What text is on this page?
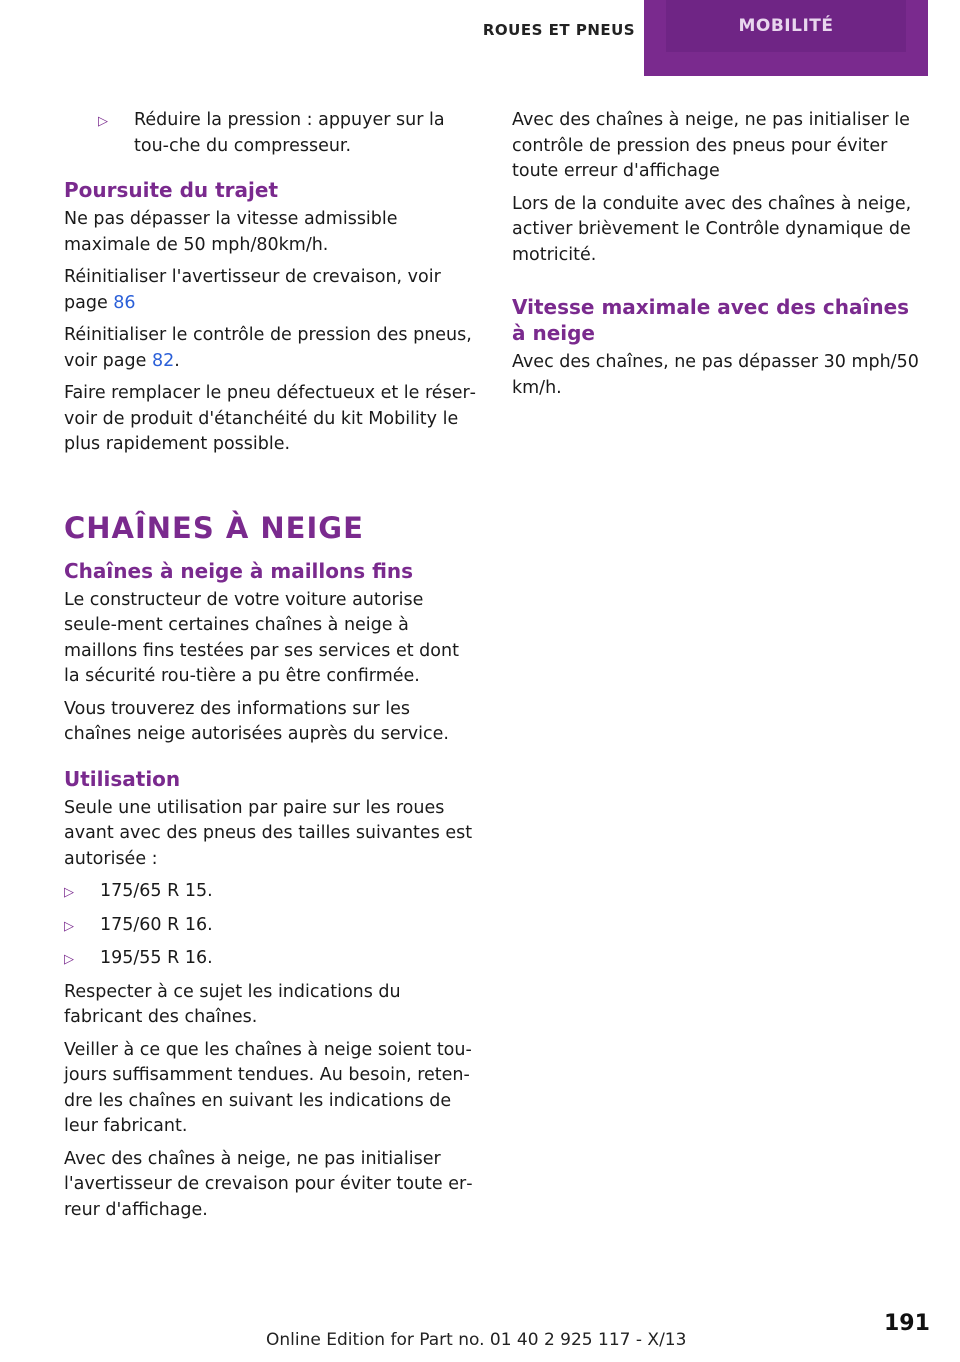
ROUES ET PNEUS	MOBILITÉ
▷	Réduire la pression : appuyer sur la tou‐che du compresseur.
Poursuite du trajet

Ne pas dépasser la vitesse admissible maximale de 50 mph/80km/h.

Réinitialiser l'avertisseur de crevaison, voir page 86

Réinitialiser le contrôle de pression des pneus, voir page 82.

Faire remplacer le pneu défectueux et le réser‐voir de produit d'étanchéité du kit Mobility le plus rapidement possible.

CHAÎNES À NEIGE
Chaînes à neige à maillons fins

Le constructeur de votre voiture autorise seule‐ment certaines chaînes à neige à maillons fins testées par ses services et dont la sécurité rou‐tière a pu être confirmée.

Vous trouverez des informations sur les chaînes neige autorisées auprès du service.

Utilisation

Seule une utilisation par paire sur les roues avant avec des pneus des tailles suivantes est autorisée :

▷	175/65 R 15.
▷	175/60 R 16.
▷	195/55 R 16.

Respecter à ce sujet les indications du fabricant des chaînes.

Veiller à ce que les chaînes à neige soient tou‐jours suffisamment tendues. Au besoin, reten‐dre les chaînes en suivant les indications de leur fabricant.

Avec des chaînes à neige, ne pas initialiser l'avertisseur de crevaison pour éviter toute er‐reur d'affichage.

Avec des chaînes à neige, ne pas initialiser le contrôle de pression des pneus pour éviter toute erreur d'affichage

Lors de la conduite avec des chaînes à neige, activer brièvement le Contrôle dynamique de motricité.

Vitesse maximale avec des chaînes à neige

Avec des chaînes, ne pas dépasser 30 mph/50 km/h.

191
Online Edition for Part no. 01 40 2 925 117 - X/13
